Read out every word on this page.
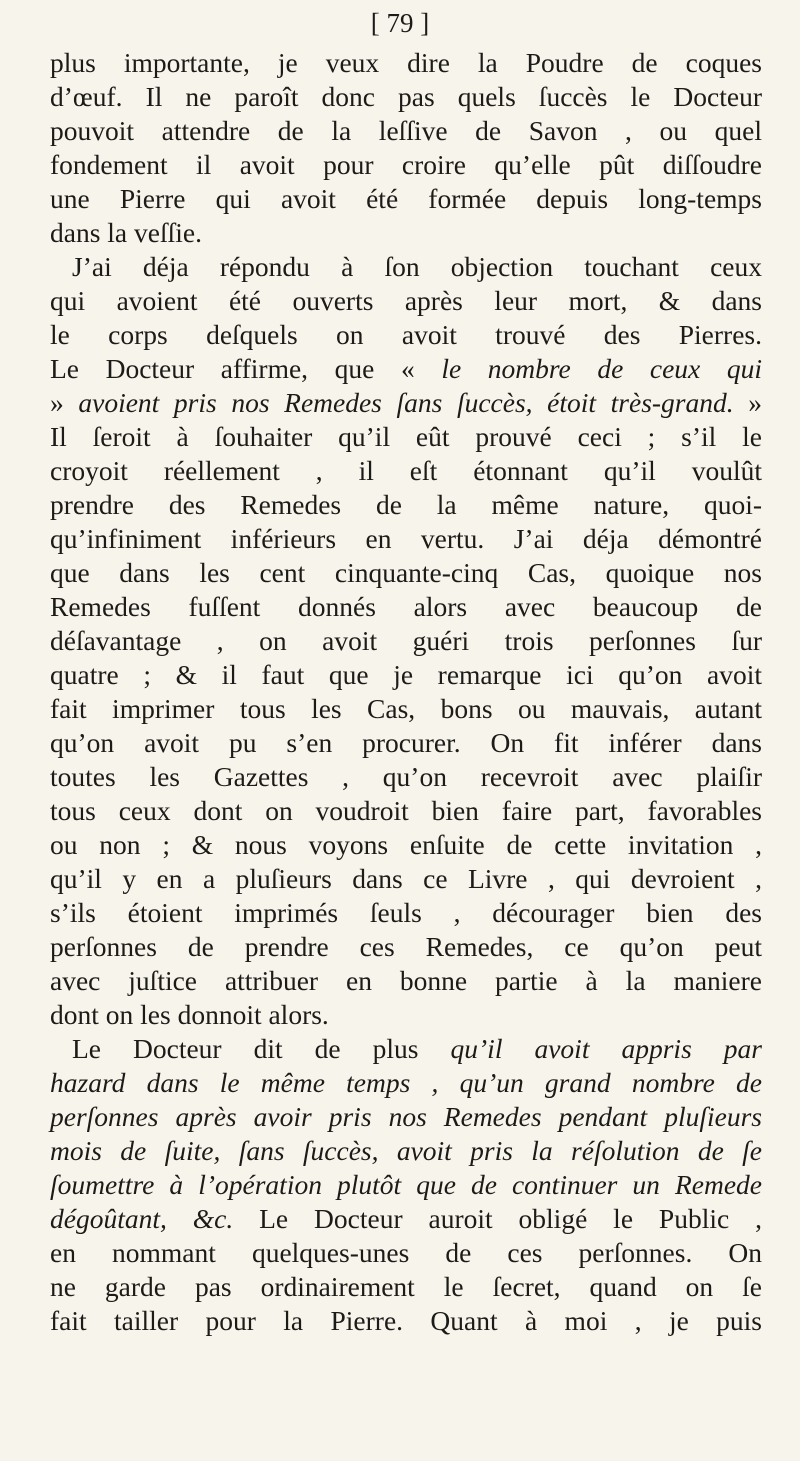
[ 79 ]
plus importante, je veux dire la Poudre de coques
d’œuf. Il ne paroît donc pas quels ſuccès le Docteur
pouvoit attendre de la leſſive de Savon , ou quel
fondement il avoit pour croire qu’elle pût diſſoudre
une Pierre qui avoit été formée depuis long-temps
dans la veſſie.
J’ai déja répondu à ſon objection touchant ceux
qui avoient été ouverts après leur mort, & dans
le corps deſquels on avoit trouvé des Pierres.
Le Docteur affirme, que « le nombre de ceux qui
» avoient pris nos Remedes ſans ſuccès, étoit très-grand. »
Il ſeroit à ſouhaiter qu’il eût prouvé ceci ; s’il le
croyoit réellement , il eſt étonnant qu’il voulût
prendre des Remedes de la même nature, quoi-
qu’infiniment inférieurs en vertu. J’ai déja démontré
que dans les cent cinquante-cinq Cas, quoique nos
Remedes fuſſent donnés alors avec beaucoup de
déſavantage , on avoit guéri trois perſonnes ſur
quatre ; & il faut que je remarque ici qu’on avoit
fait imprimer tous les Cas, bons ou mauvais, autant
qu’on avoit pu s’en procurer. On fit inférer dans
toutes les Gazettes , qu’on recevroit avec plaiſir
tous ceux dont on voudroit bien faire part, favorables
ou non ; & nous voyons enſuite de cette invitation ,
qu’il y en a pluſieurs dans ce Livre , qui devroient ,
s’ils étoient imprimés ſeuls , décourager bien des
perſonnes de prendre ces Remedes, ce qu’on peut
avec juſtice attribuer en bonne partie à la maniere
dont on les donnoit alors.
Le Docteur dit de plus qu’il avoit appris par
hazard dans le même temps , qu’un grand nombre de
perſonnes après avoir pris nos Remedes pendant pluſieurs
mois de ſuite, ſans ſuccès, avoit pris la réſolution de ſe
ſoumettre à l’opération plutôt que de continuer un Remede
dégoûtant, &c. Le Docteur auroit obligé le Public ,
en nommant quelques-unes de ces perſonnes. On
ne garde pas ordinairement le ſecret, quand on ſe
fait tailler pour la Pierre. Quant à moi , je puis
